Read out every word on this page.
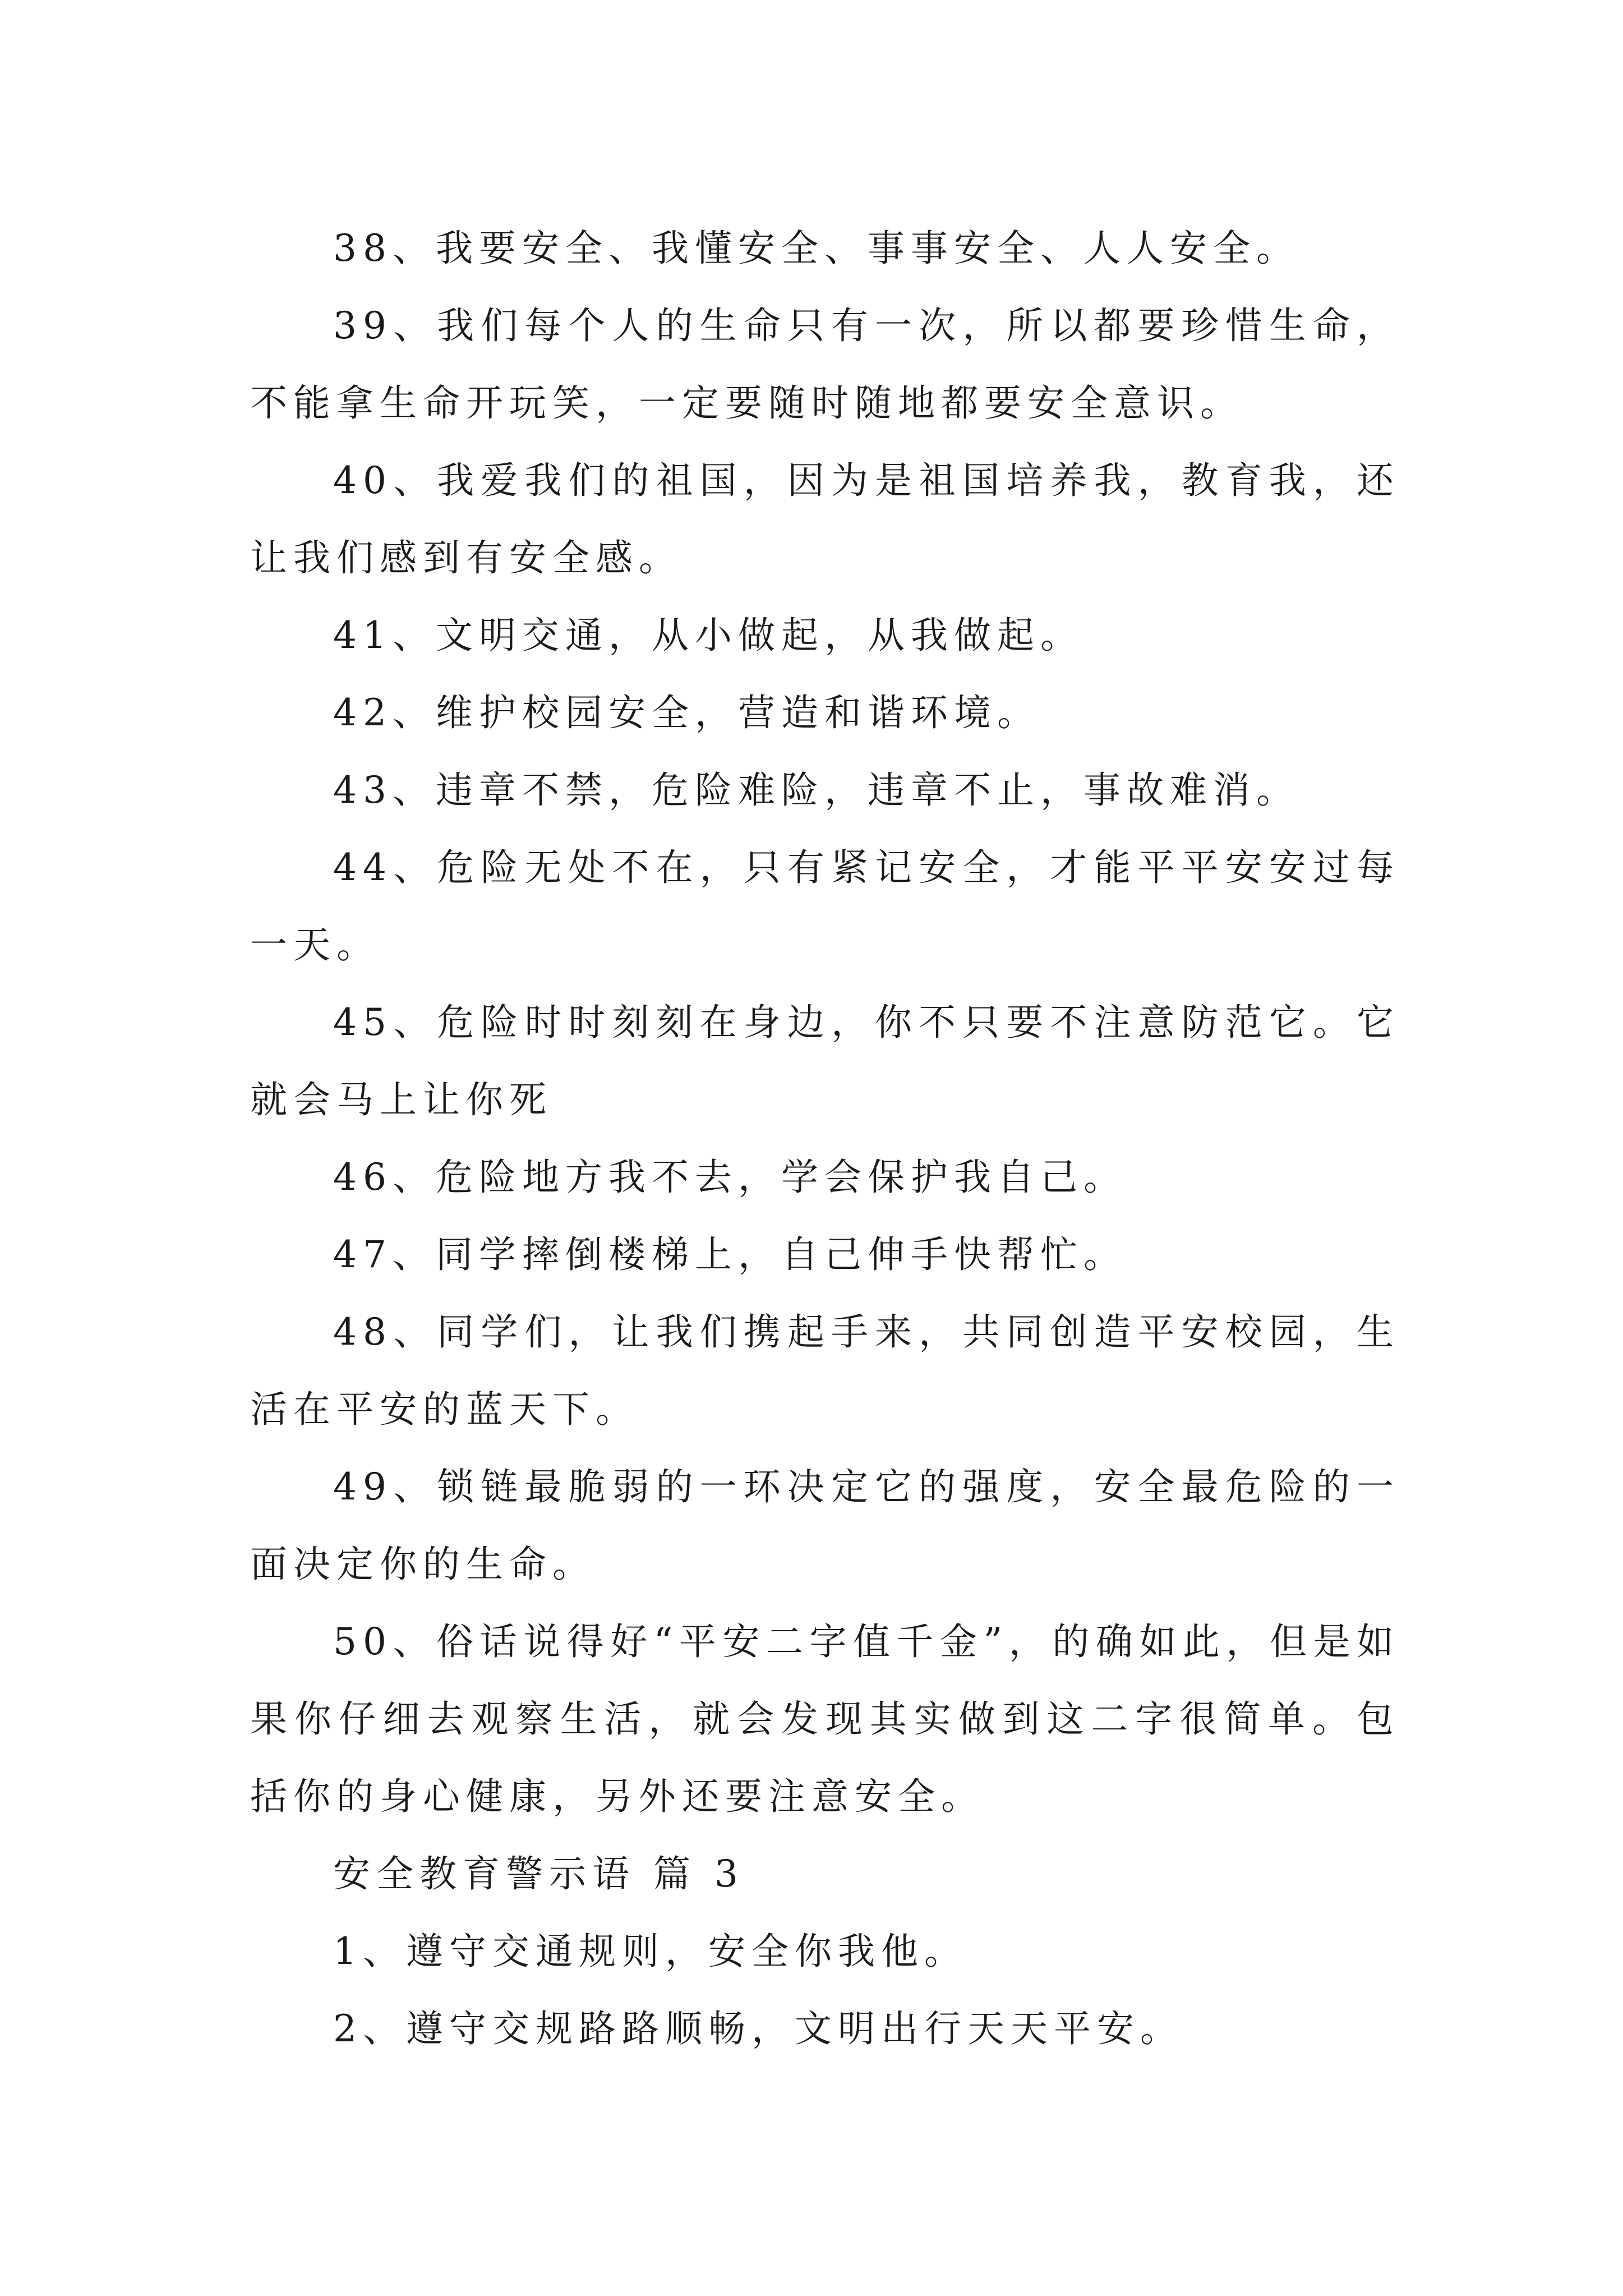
38、我要安全、我懂安全、事事安全、人人安全。

39、我们每个人的生命只有一次，所以都要珍惜生命，不能拿生命开玩笑，一定要随时随地都要安全意识。

40、我爱我们的祖国，因为是祖国培养我，教育我，还让我们感到有安全感。

41、文明交通，从小做起，从我做起。

42、维护校园安全，营造和谐环境。

43、违章不禁，危险难险，违章不止，事故难消。

44、危险无处不在，只有紧记安全，才能平平安安过每一天。

45、危险时时刻刻在身边，你不只要不注意防范它。它就会马上让你死

46、危险地方我不去，学会保护我自己。

47、同学摔倒楼梯上，自己伸手快帮忙。

48、同学们，让我们携起手来，共同创造平安校园，生活在平安的蓝天下。

49、锁链最脆弱的一环决定它的强度，安全最危险的一面决定你的生命。

50、俗话说得好“平安二字值千金”，的确如此，但是如果你仔细去观察生活，就会发现其实做到这二字很简单。包括你的身心健康，另外还要注意安全。

安全教育警示语 篇 3

1、遵守交通规则，安全你我他。

2、遵守交规路路顺畅，文明出行天天平安。
